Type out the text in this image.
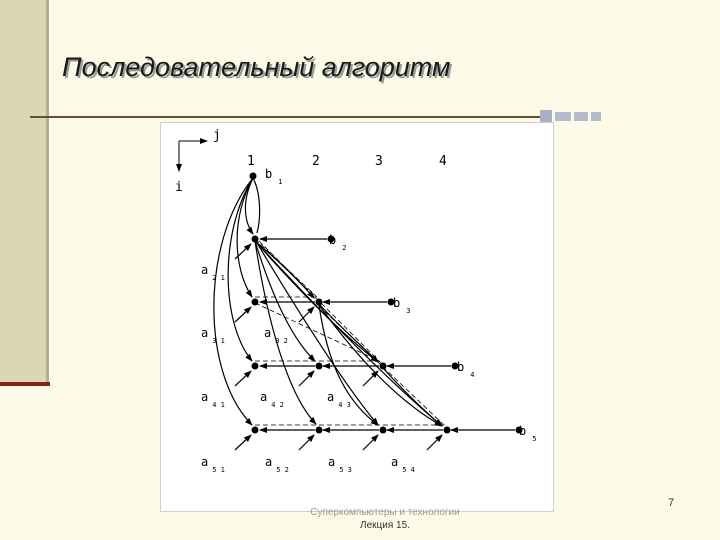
Последовательный алгоритм
j
i
1	2	3	4
$b_1$
$b_2$
$b_3$
$b_4$
$b_5$
$a_{2 1}$
$a_{3 1}$
$a_{3 2}$
$a_{4 1}$
$a_{4 2}$
$a_{4 3}$
$a_{5 1}$
$a_{5 2}$
$a_{5 3}$
$a_{5 4}$
Суперкомпьютеры и технологии
Лекция 15.
7
